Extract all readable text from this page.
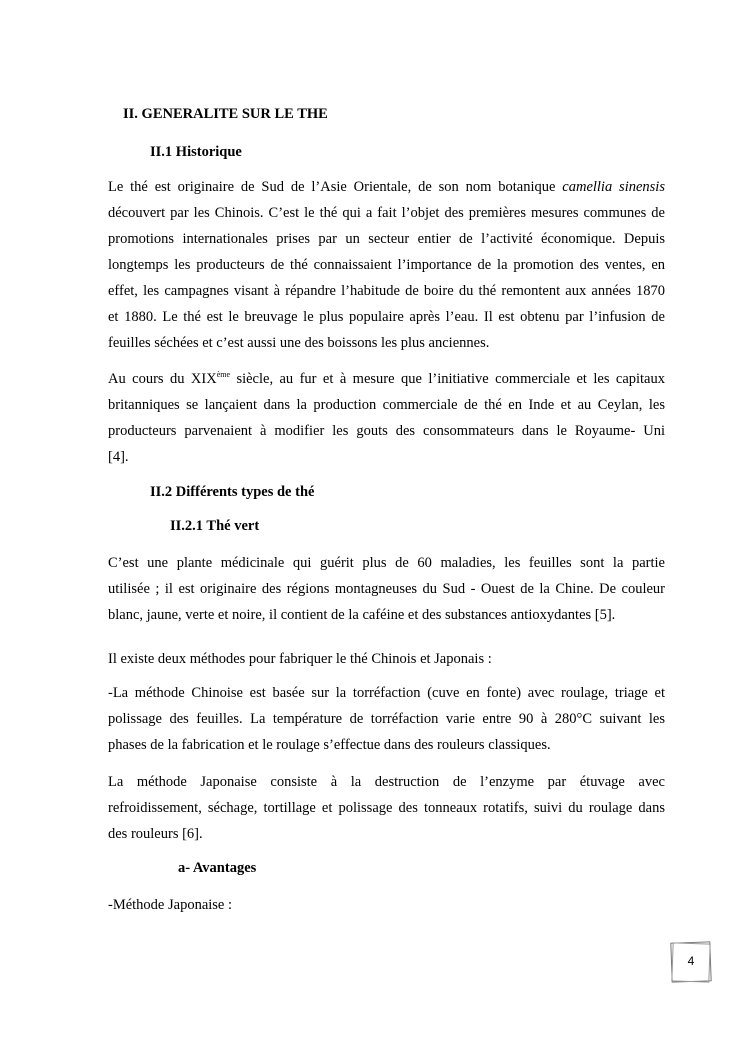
II. GENERALITE SUR LE THE
II.1 Historique
Le thé est originaire de Sud de l’Asie Orientale, de son nom botanique camellia sinensis
découvert par les Chinois. C’est le thé qui a fait l’objet des premières mesures communes de
promotions internationales prises par un secteur entier de l’activité économique. Depuis
longtemps les producteurs de thé connaissaient l’importance de la promotion des ventes, en
effet, les campagnes visant à répandre l’habitude de boire du thé remontent aux années 1870
et 1880. Le thé est le breuvage le plus populaire après l’eau. Il est obtenu par l’infusion de
feuilles séchées et c’est aussi une des boissons les plus anciennes.
Au cours du XIXème siècle, au fur et à mesure que l’initiative commerciale et les capitaux
britanniques se lançaient dans la production commerciale de thé en Inde et au Ceylan, les
producteurs parvenaient à modifier les gouts des consommateurs dans le Royaume- Uni
[4].
II.2 Différents types de thé
II.2.1 Thé vert
C’est une plante médicinale qui guérit plus de 60 maladies, les feuilles sont la partie
utilisée ; il est originaire des régions montagneuses du Sud - Ouest de la Chine. De couleur
blanc, jaune, verte et noire, il contient de la caféine et des substances antioxydantes [5].
Il existe deux méthodes pour fabriquer le thé Chinois et Japonais :
-La méthode Chinoise est basée sur la torréfaction (cuve en fonte) avec roulage, triage et
polissage des feuilles. La température de torréfaction varie entre 90 à 280°C suivant les
phases de la fabrication et le roulage s’effectue dans des rouleurs classiques.
La méthode Japonaise consiste à la destruction de l’enzyme par étuvage avec
refroidissement, séchage, tortillage et polissage des tonneaux rotatifs, suivi du roulage dans
des rouleurs [6].
a- Avantages
-Méthode Japonaise :
4
